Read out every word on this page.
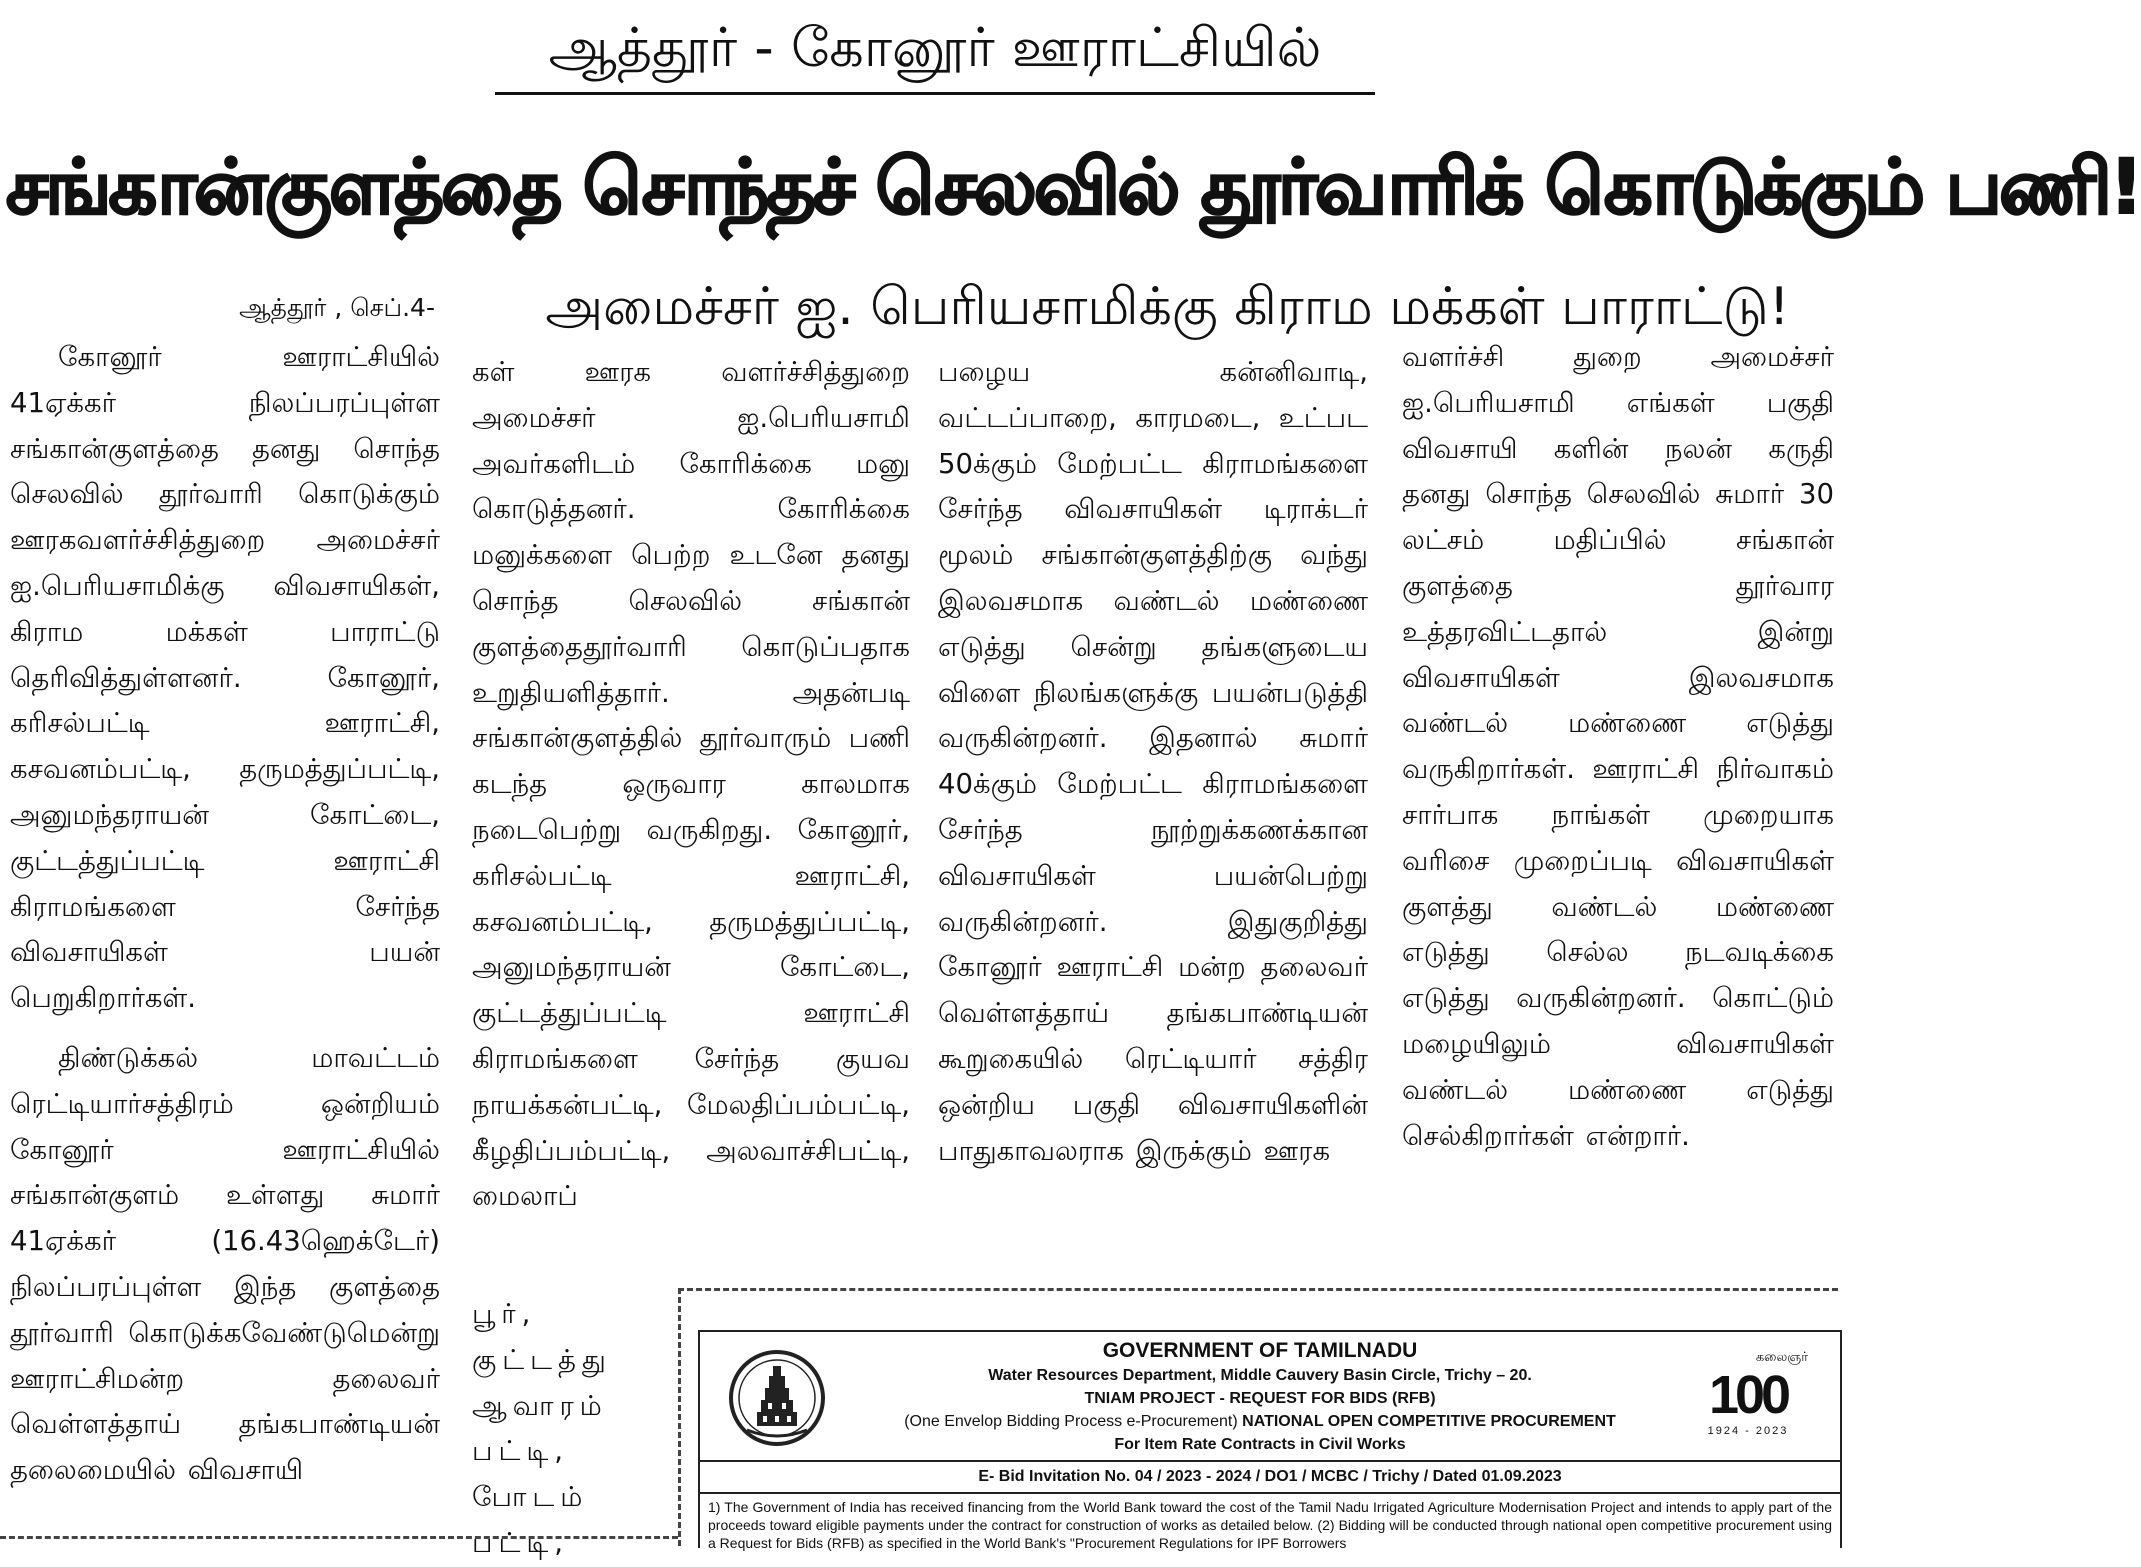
ஆத்தூர் - கோனூர் ஊராட்சியில்
சங்கான்குளத்தை சொந்தச் செலவில் தூர்வாரிக் கொடுக்கும் பணி!
ஆத்தூர் , செப்.4-	அமைச்சர் ஐ. பெரியசாமிக்கு கிராம மக்கள் பாராட்டு!

கோனூர் ஊராட்சியில் 41ஏக்கர் நிலப்பரப்புள்ள சங்கான்குளத்தை தனது சொந்த செலவில் தூர்வாரி கொடுக்கும் ஊரகவளர்ச்சித்துறை அமைச்சர் ஐ.பெரியசாமிக்கு விவசாயிகள், கிராம மக்கள் பாராட்டு தெரிவித்துள்ளனர். கோனூர், கரிசல்பட்டி ஊராட்சி, கசவனம்பட்டி, தருமத்துப்பட்டி, அனுமந்தராயன் கோட்டை, குட்டத்துப்பட்டி ஊராட்சி கிராமங்களை சேர்ந்த விவசாயிகள் பயன் பெறுகிறார்கள்.

திண்டுக்கல் மாவட்டம் ரெட்டியார்சத்திரம் ஒன்றியம் கோனூர் ஊராட்சியில் சங்கான்குளம் உள்ளது சுமார் 41ஏக்கர் (16.43ஹெக்டேர்) நிலப்பரப்புள்ள இந்த குளத்தை தூர்வாரி கொடுக்கவேண்டுமென்று ஊராட்சிமன்ற தலைவர் வெள்ளத்தாய் தங்கபாண்டியன் தலைமையில் விவசாயி

கள் ஊரக வளர்ச்சித்துறை அமைச்சர் ஐ.பெரியசாமி அவர்களிடம் கோரிக்கை மனு கொடுத்தனர். கோரிக்கை மனுக்களை பெற்ற உடனே தனது சொந்த செலவில் சங்கான் குளத்தைதூர்வாரி கொடுப்பதாக உறுதியளித்தார். அதன்படி சங்கான்குளத்தில் தூர்வாரும் பணி கடந்த ஒருவார காலமாக நடைபெற்று வருகிறது. கோனூர், கரிசல்பட்டி ஊராட்சி, கசவனம்பட்டி, தருமத்துப்பட்டி, அனுமந்தராயன் கோட்டை, குட்டத்துப்பட்டி ஊராட்சி கிராமங்களை சேர்ந்த குயவ நாயக்கன்பட்டி, மேலதிப்பம்பட்டி, கீழதிப்பம்பட்டி, அலவாச்சிபட்டி, மைலாப்

பூர், குட்டத்து ஆவாரம் பட்டி, போடம் பட்டி,

பழைய கன்னிவாடி, வட்டப்பாறை, காரமடை, உட்பட 50க்கும் மேற்பட்ட கிராமங்களை சேர்ந்த விவசாயிகள் டிராக்டர் மூலம் சங்கான்குளத்திற்கு வந்து இலவசமாக வண்டல் மண்ணை எடுத்து சென்று தங்களுடைய விளை நிலங்களுக்கு பயன்படுத்தி வருகின்றனர். இதனால் சுமார் 40க்கும் மேற்பட்ட கிராமங்களை சேர்ந்த நூற்றுக்கணக்கான விவசாயிகள் பயன்பெற்று வருகின்றனர். இதுகுறித்து கோனூர் ஊராட்சி மன்ற தலைவர் வெள்ளத்தாய் தங்கபாண்டியன் கூறுகையில் ரெட்டியார் சத்திர ஒன்றிய பகுதி விவசாயிகளின் பாதுகாவலராக இருக்கும் ஊரக

வளர்ச்சி துறை அமைச்சர் ஐ.பெரியசாமி எங்கள் பகுதி விவசாயி களின் நலன் கருதி தனது சொந்த செலவில் சுமார் 30 லட்சம் மதிப்பில் சங்கான் குளத்தை தூர்வார உத்தரவிட்டதால் இன்று விவசாயிகள் இலவசமாக வண்டல் மண்ணை எடுத்து வருகிறார்கள். ஊராட்சி நிர்வாகம் சார்பாக நாங்கள் முறையாக வரிசை முறைப்படி விவசாயிகள் குளத்து வண்டல் மண்ணை எடுத்து செல்ல நடவடிக்கை எடுத்து வருகின்றனர். கொட்டும் மழையிலும் விவசாயிகள் வண்டல் மண்ணை எடுத்து செல்கிறார்கள் என்றார்.

GOVERNMENT OF TAMILNADU
Water Resources Department, Middle Cauvery Basin Circle, Trichy – 20.
TNIAM PROJECT - REQUEST FOR BIDS (RFB)
(One Envelop Bidding Process e-Procurement) NATIONAL OPEN COMPETITIVE PROCUREMENT
For Item Rate Contracts in Civil Works
கலைஞர்
100
1924 - 2023
E- Bid Invitation No. 04 / 2023 - 2024 / DO1 / MCBC / Trichy / Dated 01.09.2023
1) The Government of India has received financing from the World Bank toward the cost of the Tamil Nadu Irrigated Agriculture Modernisation Project and intends to apply part of the proceeds toward eligible payments under the contract for construction of works as detailed below. (2) Bidding will be conducted through national open competitive procurement using a Request for Bids (RFB) as specified in the World Bank's "Procurement Regulations for IPF Borrowers
